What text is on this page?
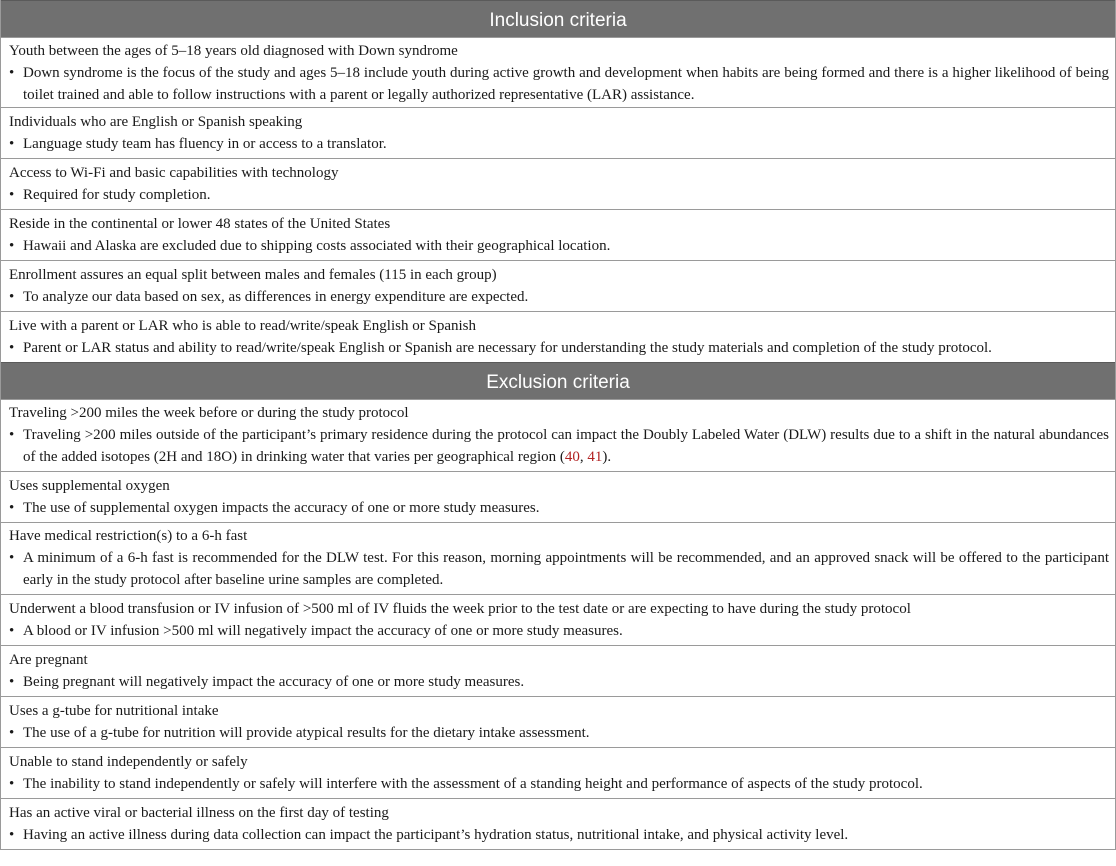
Inclusion criteria
Youth between the ages of 5–18 years old diagnosed with Down syndrome
• Down syndrome is the focus of the study and ages 5–18 include youth during active growth and development when habits are being formed and there is a higher likelihood of being toilet trained and able to follow instructions with a parent or legally authorized representative (LAR) assistance.
Individuals who are English or Spanish speaking
• Language study team has fluency in or access to a translator.
Access to Wi-Fi and basic capabilities with technology
• Required for study completion.
Reside in the continental or lower 48 states of the United States
• Hawaii and Alaska are excluded due to shipping costs associated with their geographical location.
Enrollment assures an equal split between males and females (115 in each group)
• To analyze our data based on sex, as differences in energy expenditure are expected.
Live with a parent or LAR who is able to read/write/speak English or Spanish
• Parent or LAR status and ability to read/write/speak English or Spanish are necessary for understanding the study materials and completion of the study protocol.
Exclusion criteria
Traveling >200 miles the week before or during the study protocol
• Traveling >200 miles outside of the participant’s primary residence during the protocol can impact the Doubly Labeled Water (DLW) results due to a shift in the natural abundances of the added isotopes (2H and 18O) in drinking water that varies per geographical region (40, 41).
Uses supplemental oxygen
• The use of supplemental oxygen impacts the accuracy of one or more study measures.
Have medical restriction(s) to a 6-h fast
• A minimum of a 6-h fast is recommended for the DLW test. For this reason, morning appointments will be recommended, and an approved snack will be offered to the participant early in the study protocol after baseline urine samples are completed.
Underwent a blood transfusion or IV infusion of >500 ml of IV fluids the week prior to the test date or are expecting to have during the study protocol
• A blood or IV infusion >500 ml will negatively impact the accuracy of one or more study measures.
Are pregnant
• Being pregnant will negatively impact the accuracy of one or more study measures.
Uses a g-tube for nutritional intake
• The use of a g-tube for nutrition will provide atypical results for the dietary intake assessment.
Unable to stand independently or safely
• The inability to stand independently or safely will interfere with the assessment of a standing height and performance of aspects of the study protocol.
Has an active viral or bacterial illness on the first day of testing
• Having an active illness during data collection can impact the participant’s hydration status, nutritional intake, and physical activity level.
